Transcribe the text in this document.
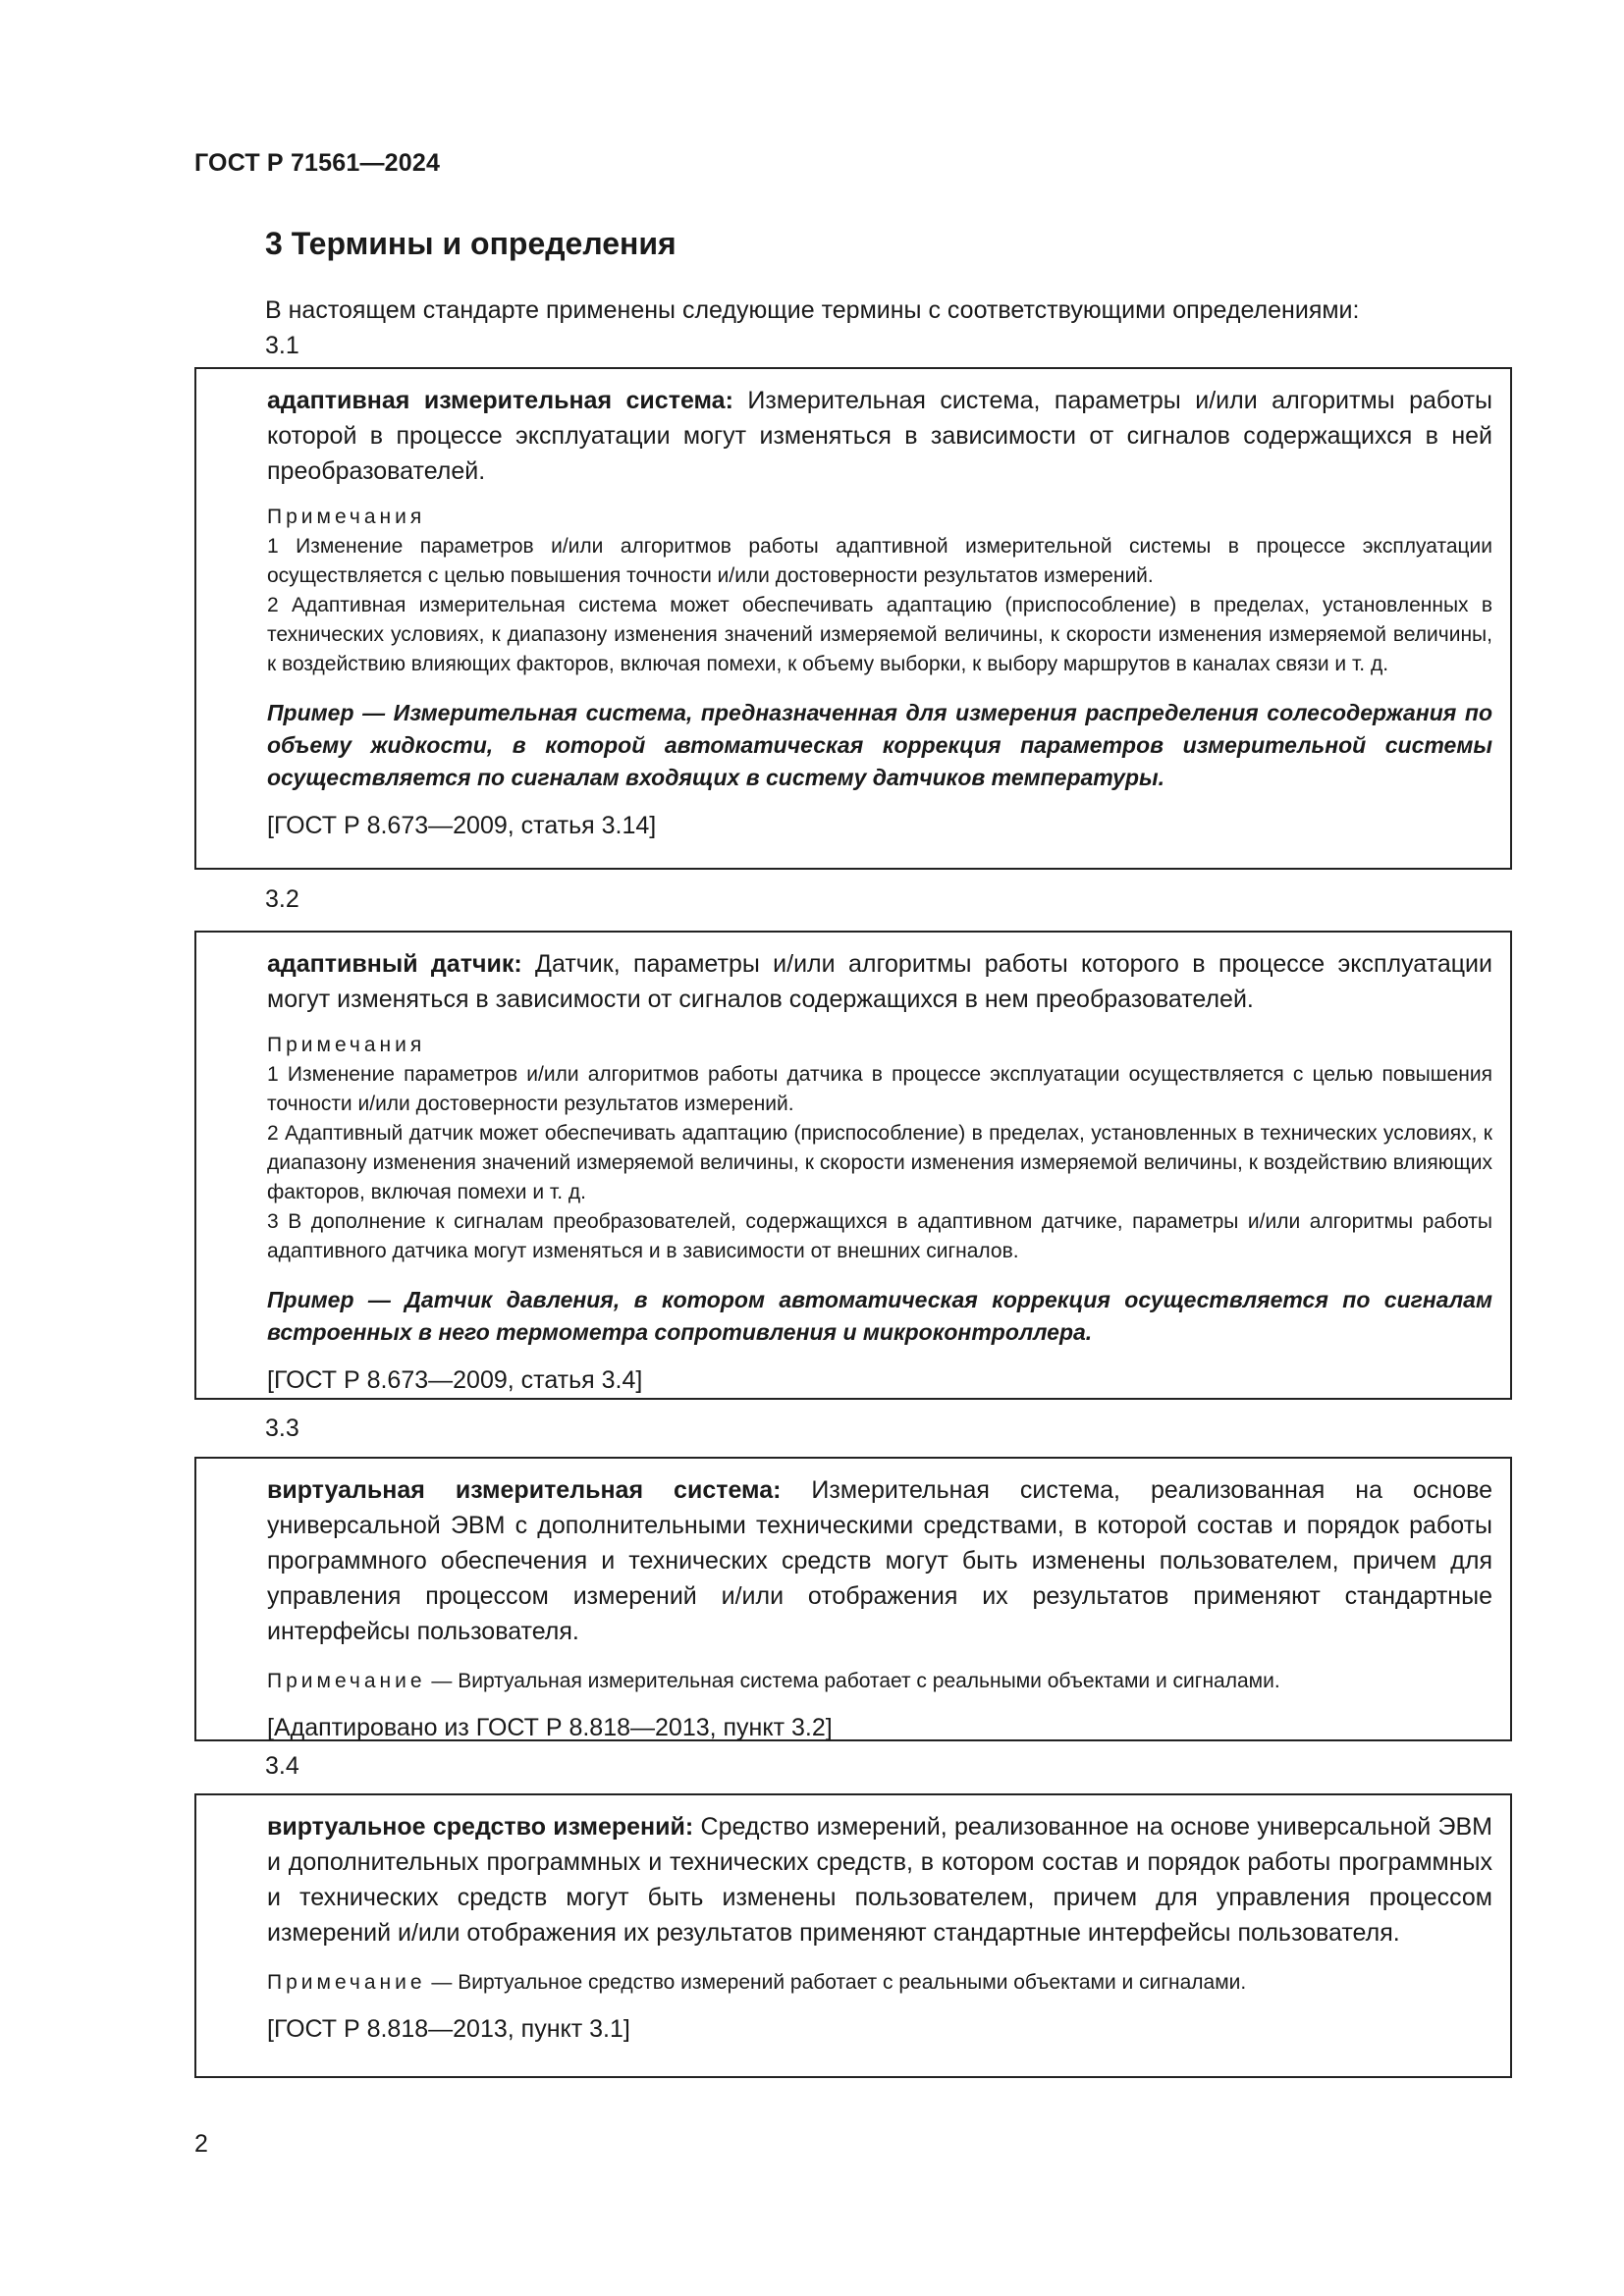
ГОСТ Р 71561—2024
3 Термины и определения
В настоящем стандарте применены следующие термины с соответствующими определениями:
3.1

адаптивная измерительная система: Измерительная система, параметры и/или алгоритмы работы которой в процессе эксплуатации могут изменяться в зависимости от сигналов содержащихся в ней преобразователей.

Примечания

1 Изменение параметров и/или алгоритмов работы адаптивной измерительной системы в процессе эксплуатации осуществляется с целью повышения точности и/или достоверности результатов измерений.

2 Адаптивная измерительная система может обеспечивать адаптацию (приспособление) в пределах, установленных в технических условиях, к диапазону изменения значений измеряемой величины, к скорости изменения измеряемой величины, к воздействию влияющих факторов, включая помехи, к объему выборки, к выбору маршрутов в каналах связи и т. д.

Пример — Измерительная система, предназначенная для измерения распределения солесодержания по объему жидкости, в которой автоматическая коррекция параметров измерительной системы осуществляется по сигналам входящих в систему датчиков температуры.
[ГОСТ Р 8.673—2009, статья 3.14]
3.2

адаптивный датчик: Датчик, параметры и/или алгоритмы работы которого в процессе эксплуатации могут изменяться в зависимости от сигналов содержащихся в нем преобразователей.

Примечания

1 Изменение параметров и/или алгоритмов работы датчика в процессе эксплуатации осуществляется с целью повышения точности и/или достоверности результатов измерений.

2 Адаптивный датчик может обеспечивать адаптацию (приспособление) в пределах, установленных в технических условиях, к диапазону изменения значений измеряемой величины, к скорости изменения измеряемой величины, к воздействию влияющих факторов, включая помехи и т. д.

3 В дополнение к сигналам преобразователей, содержащихся в адаптивном датчике, параметры и/или алгоритмы работы адаптивного датчика могут изменяться и в зависимости от внешних сигналов.

Пример — Датчик давления, в котором автоматическая коррекция осуществляется по сигналам встроенных в него термометра сопротивления и микроконтроллера.
[ГОСТ Р 8.673—2009, статья 3.4]
3.3

виртуальная измерительная система: Измерительная система, реализованная на основе универсальной ЭВМ с дополнительными техническими средствами, в которой состав и порядок работы программного обеспечения и технических средств могут быть изменены пользователем, причем для управления процессом измерений и/или отображения их результатов применяют стандартные интерфейсы пользователя.

Примечание — Виртуальная измерительная система работает с реальными объектами и сигналами.
[Адаптировано из ГОСТ Р 8.818—2013, пункт 3.2]
3.4

виртуальное средство измерений: Средство измерений, реализованное на основе универсальной ЭВМ и дополнительных программных и технических средств, в котором состав и порядок работы программных и технических средств могут быть изменены пользователем, причем для управления процессом измерений и/или отображения их результатов применяют стандартные интерфейсы пользователя.

Примечание — Виртуальное средство измерений работает с реальными объектами и сигналами.
[ГОСТ Р 8.818—2013, пункт 3.1]
2
